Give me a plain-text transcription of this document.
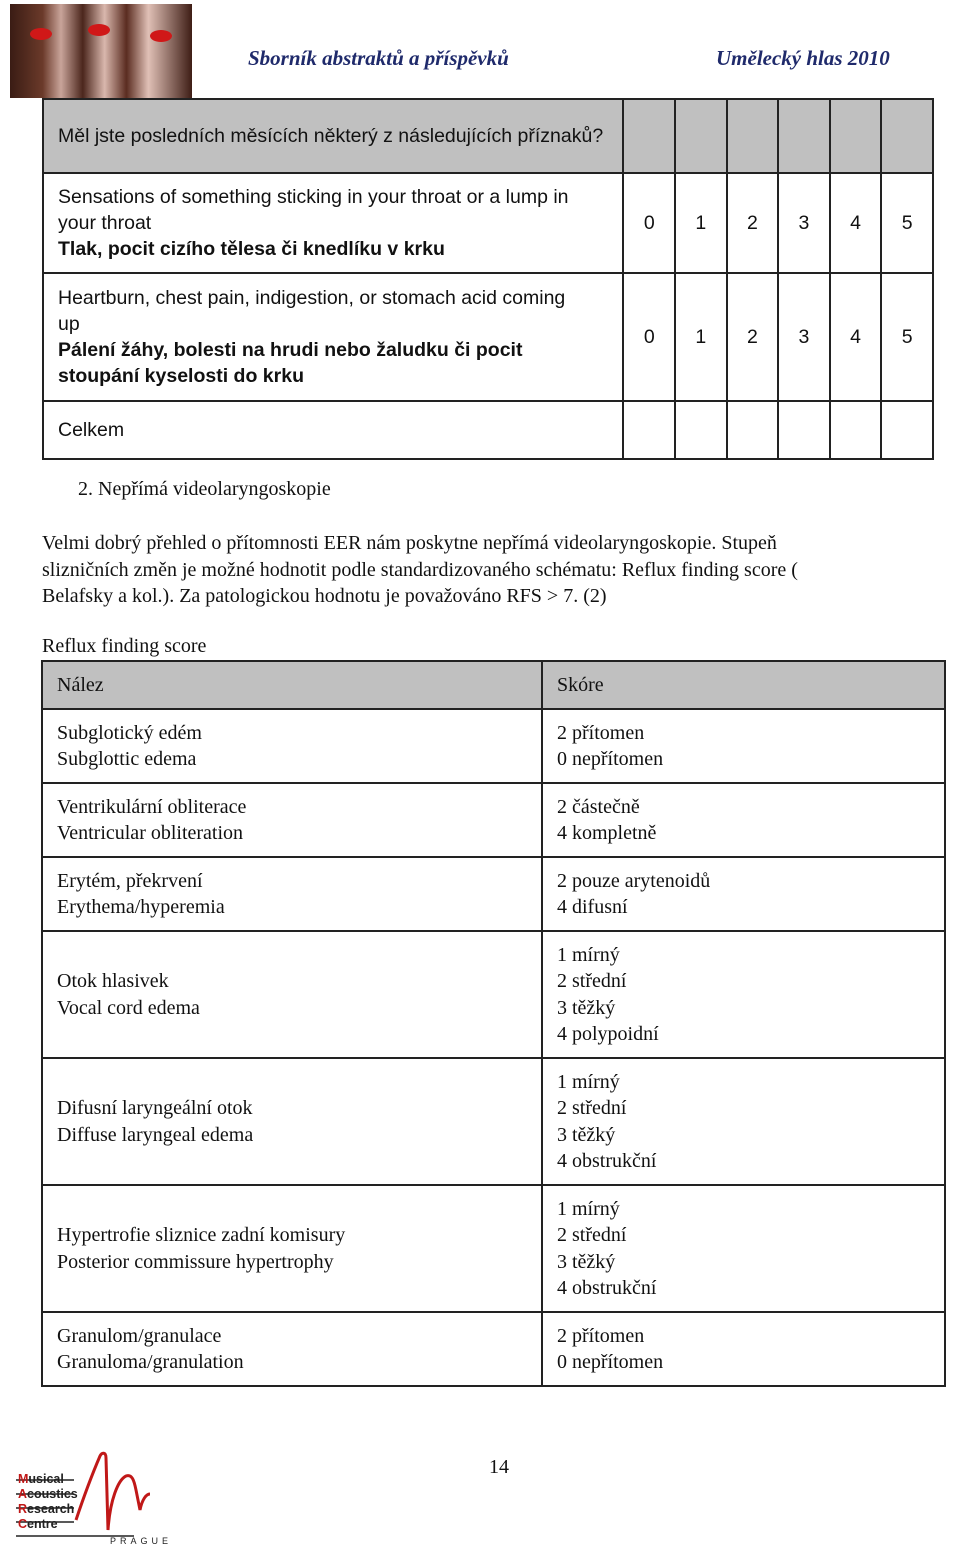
Sborník abstraktů a příspěvků	Umělecký hlas 2010
Měl jste posledních měsících některý z následujících příznaků?						

Sensations of something sticking in your throat or a lump in
your throat
Tlak, pocit cizího tělesa či knedlíku v krku	0	1	2	3	4	5

Heartburn, chest pain, indigestion, or stomach acid coming
up
Pálení žáhy, bolesti na hrudi nebo žaludku či pocit
stoupání kyselosti do krku	0	1	2	3	4	5
Celkem						
2. Nepřímá videolaryngoskopie
Velmi dobrý přehled o přítomnosti EER nám poskytne nepřímá videolaryngoskopie. Stupeň
slizničních změn je možné hodnotit podle standardizovaného schématu: Reflux finding score (
Belafsky a kol.). Za patologickou hodnotu je považováno RFS > 7. (2)
Reflux finding score
Nález	Skóre

Subglotický edém
Subglottic edema	2 přítomen
0 nepřítomen

Ventrikulární obliterace
Ventricular obliteration	2 částečně
4 kompletně

Erytém, překrvení
Erythema/hyperemia	2 pouze arytenoidů
4 difusní

Otok hlasivek
Vocal cord edema	1 mírný
2 střední
3 těžký
4 polypoidní

Difusní laryngeální otok
Diffuse laryngeal edema	1 mírný
2 střední
3 těžký
4 obstrukční

Hypertrofie sliznice zadní komisury
Posterior commissure hypertrophy	1 mírný
2 střední
3 těžký
4 obstrukční

Granulom/granulace
Granuloma/granulation	2 přítomen
0 nepřítomen
14
Musical
Acoustics
Research
Centre
PRAGUE
